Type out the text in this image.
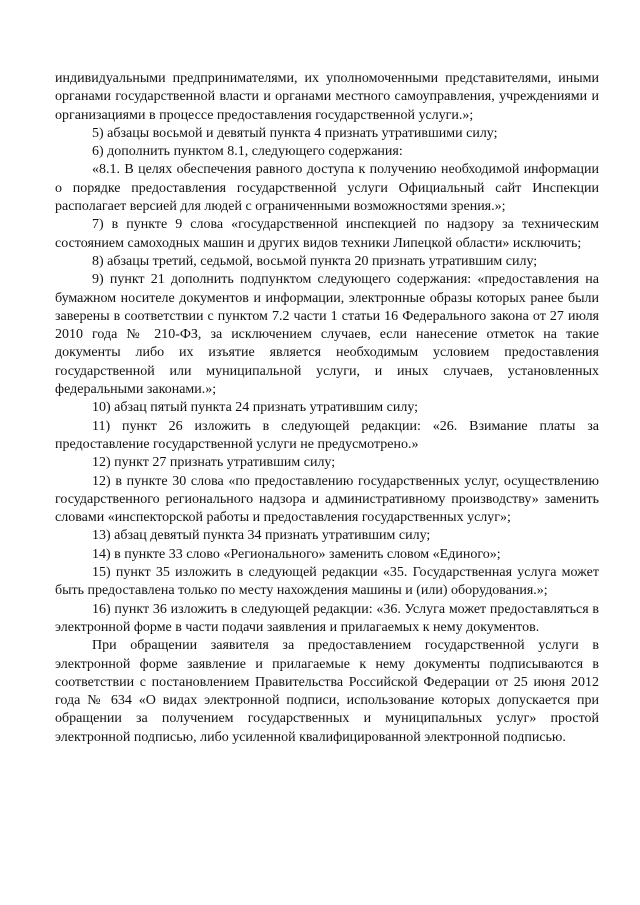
индивидуальными предпринимателями, их уполномоченными представителями, иными органами государственной власти и органами местного самоуправления, учреждениями и организациями в процессе предоставления государственной услуги.»;

5) абзацы восьмой и девятый пункта 4 признать утратившими силу;

6) дополнить пунктом 8.1, следующего содержания:

«8.1. В целях обеспечения равного доступа к получению необходимой информации о порядке предоставления государственной услуги Официальный сайт Инспекции располагает версией для людей с ограниченными возможностями зрения.»;

7) в пункте 9 слова «государственной инспекцией по надзору за техническим состоянием самоходных машин и других видов техники Липецкой области» исключить;

8) абзацы третий, седьмой, восьмой пункта 20 признать утратившим силу;

9) пункт 21 дополнить подпунктом следующего содержания: «предоставления на бумажном носителе документов и информации, электронные образы которых ранее были заверены в соответствии с пунктом 7.2 части 1 статьи 16 Федерального закона от 27 июля 2010 года № 210-ФЗ, за исключением случаев, если нанесение отметок на такие документы либо их изъятие является необходимым условием предоставления государственной или муниципальной услуги, и иных случаев, установленных федеральными законами.»;

10) абзац пятый пункта 24 признать утратившим силу;

11) пункт 26 изложить в следующей редакции: «26. Взимание платы за предоставление государственной услуги не предусмотрено.»

12) пункт 27 признать утратившим силу;

12) в пункте 30 слова «по предоставлению государственных услуг, осуществлению государственного регионального надзора и административному производству» заменить словами «инспекторской работы и предоставления государственных услуг»;

13) абзац девятый пункта 34 признать утратившим силу;

14) в пункте 33 слово «Регионального» заменить словом «Единого»;

15) пункт 35 изложить в следующей редакции «35. Государственная услуга может быть предоставлена только по месту нахождения машины и (или) оборудования.»;

16) пункт 36 изложить в следующей редакции: «36. Услуга может предоставляться в электронной форме в части подачи заявления и прилагаемых к нему документов.

При обращении заявителя за предоставлением государственной услуги в электронной форме заявление и прилагаемые к нему документы подписываются в соответствии с постановлением Правительства Российской Федерации от 25 июня 2012 года № 634 «О видах электронной подписи, использование которых допускается при обращении за получением государственных и муниципальных услуг» простой электронной подписью, либо усиленной квалифицированной электронной подписью.
